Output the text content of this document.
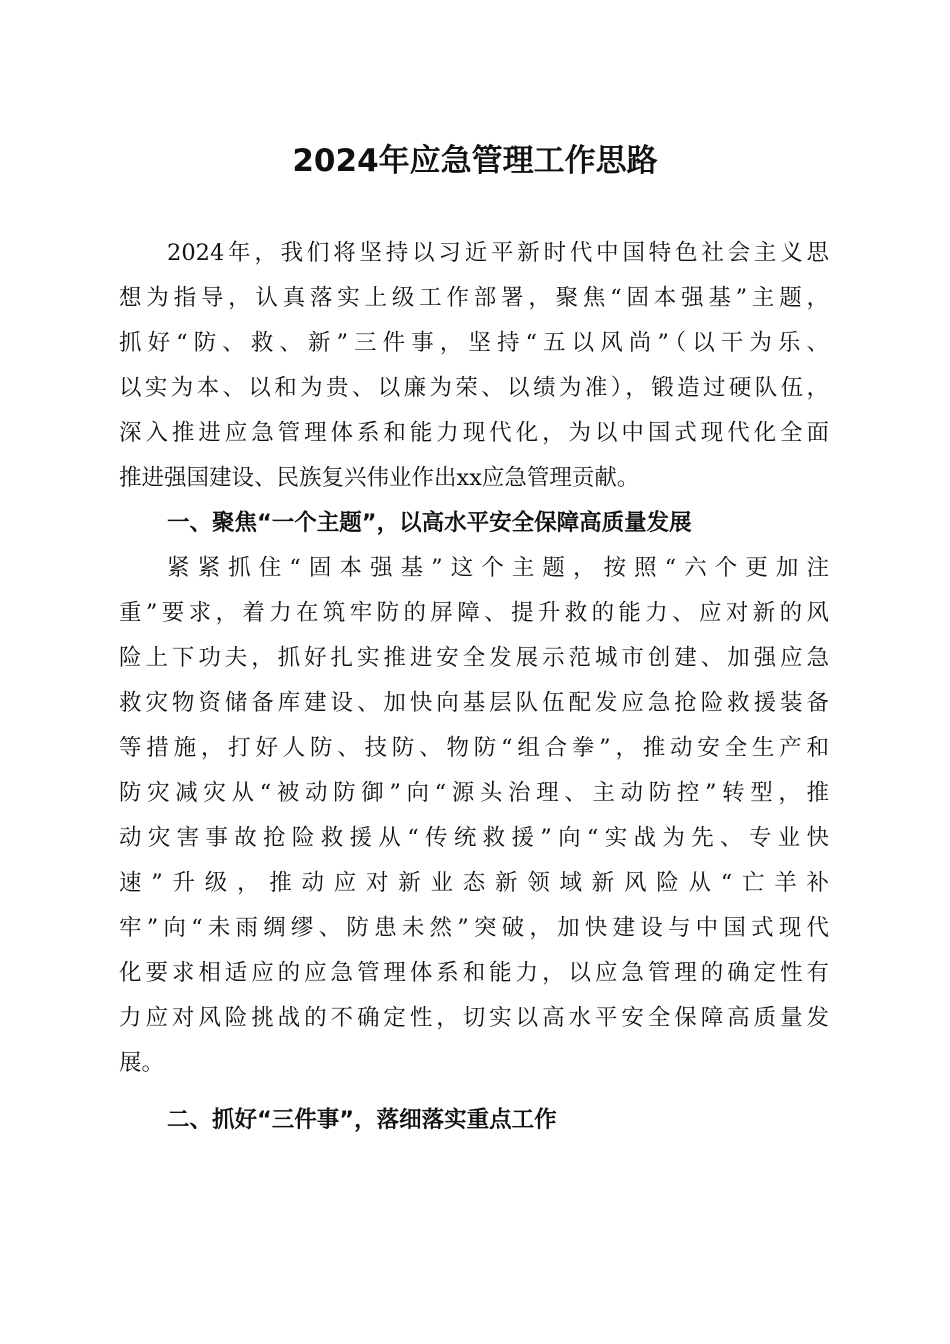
2024年应急管理工作思路
2024年，我们将坚持以习近平新时代中国特色社会主义思
想为指导，认真落实上级工作部署，聚焦“固本强基”主题，
抓好“防、救、新”三件事，坚持“五以风尚”（以干为乐、
以实为本、以和为贵、以廉为荣、以绩为准），锻造过硬队伍，
深入推进应急管理体系和能力现代化，为以中国式现代化全面
推进强国建设、民族复兴伟业作出xx应急管理贡献。
一、聚焦“一个主题”，以高水平安全保障高质量发展
紧紧抓住“固本强基”这个主题，按照“六个更加注
重”要求，着力在筑牢防的屏障、提升救的能力、应对新的风
险上下功夫，抓好扎实推进安全发展示范城市创建、加强应急
救灾物资储备库建设、加快向基层队伍配发应急抢险救援装备
等措施，打好人防、技防、物防“组合拳”，推动安全生产和
防灾减灾从“被动防御”向“源头治理、主动防控”转型，推
动灾害事故抢险救援从“传统救援”向“实战为先、专业快
速”升级，推动应对新业态新领域新风险从“亡羊补
牢”向“未雨绸缪、防患未然”突破，加快建设与中国式现代
化要求相适应的应急管理体系和能力，以应急管理的确定性有
力应对风险挑战的不确定性，切实以高水平安全保障高质量发
展。
二、抓好“三件事”，落细落实重点工作
